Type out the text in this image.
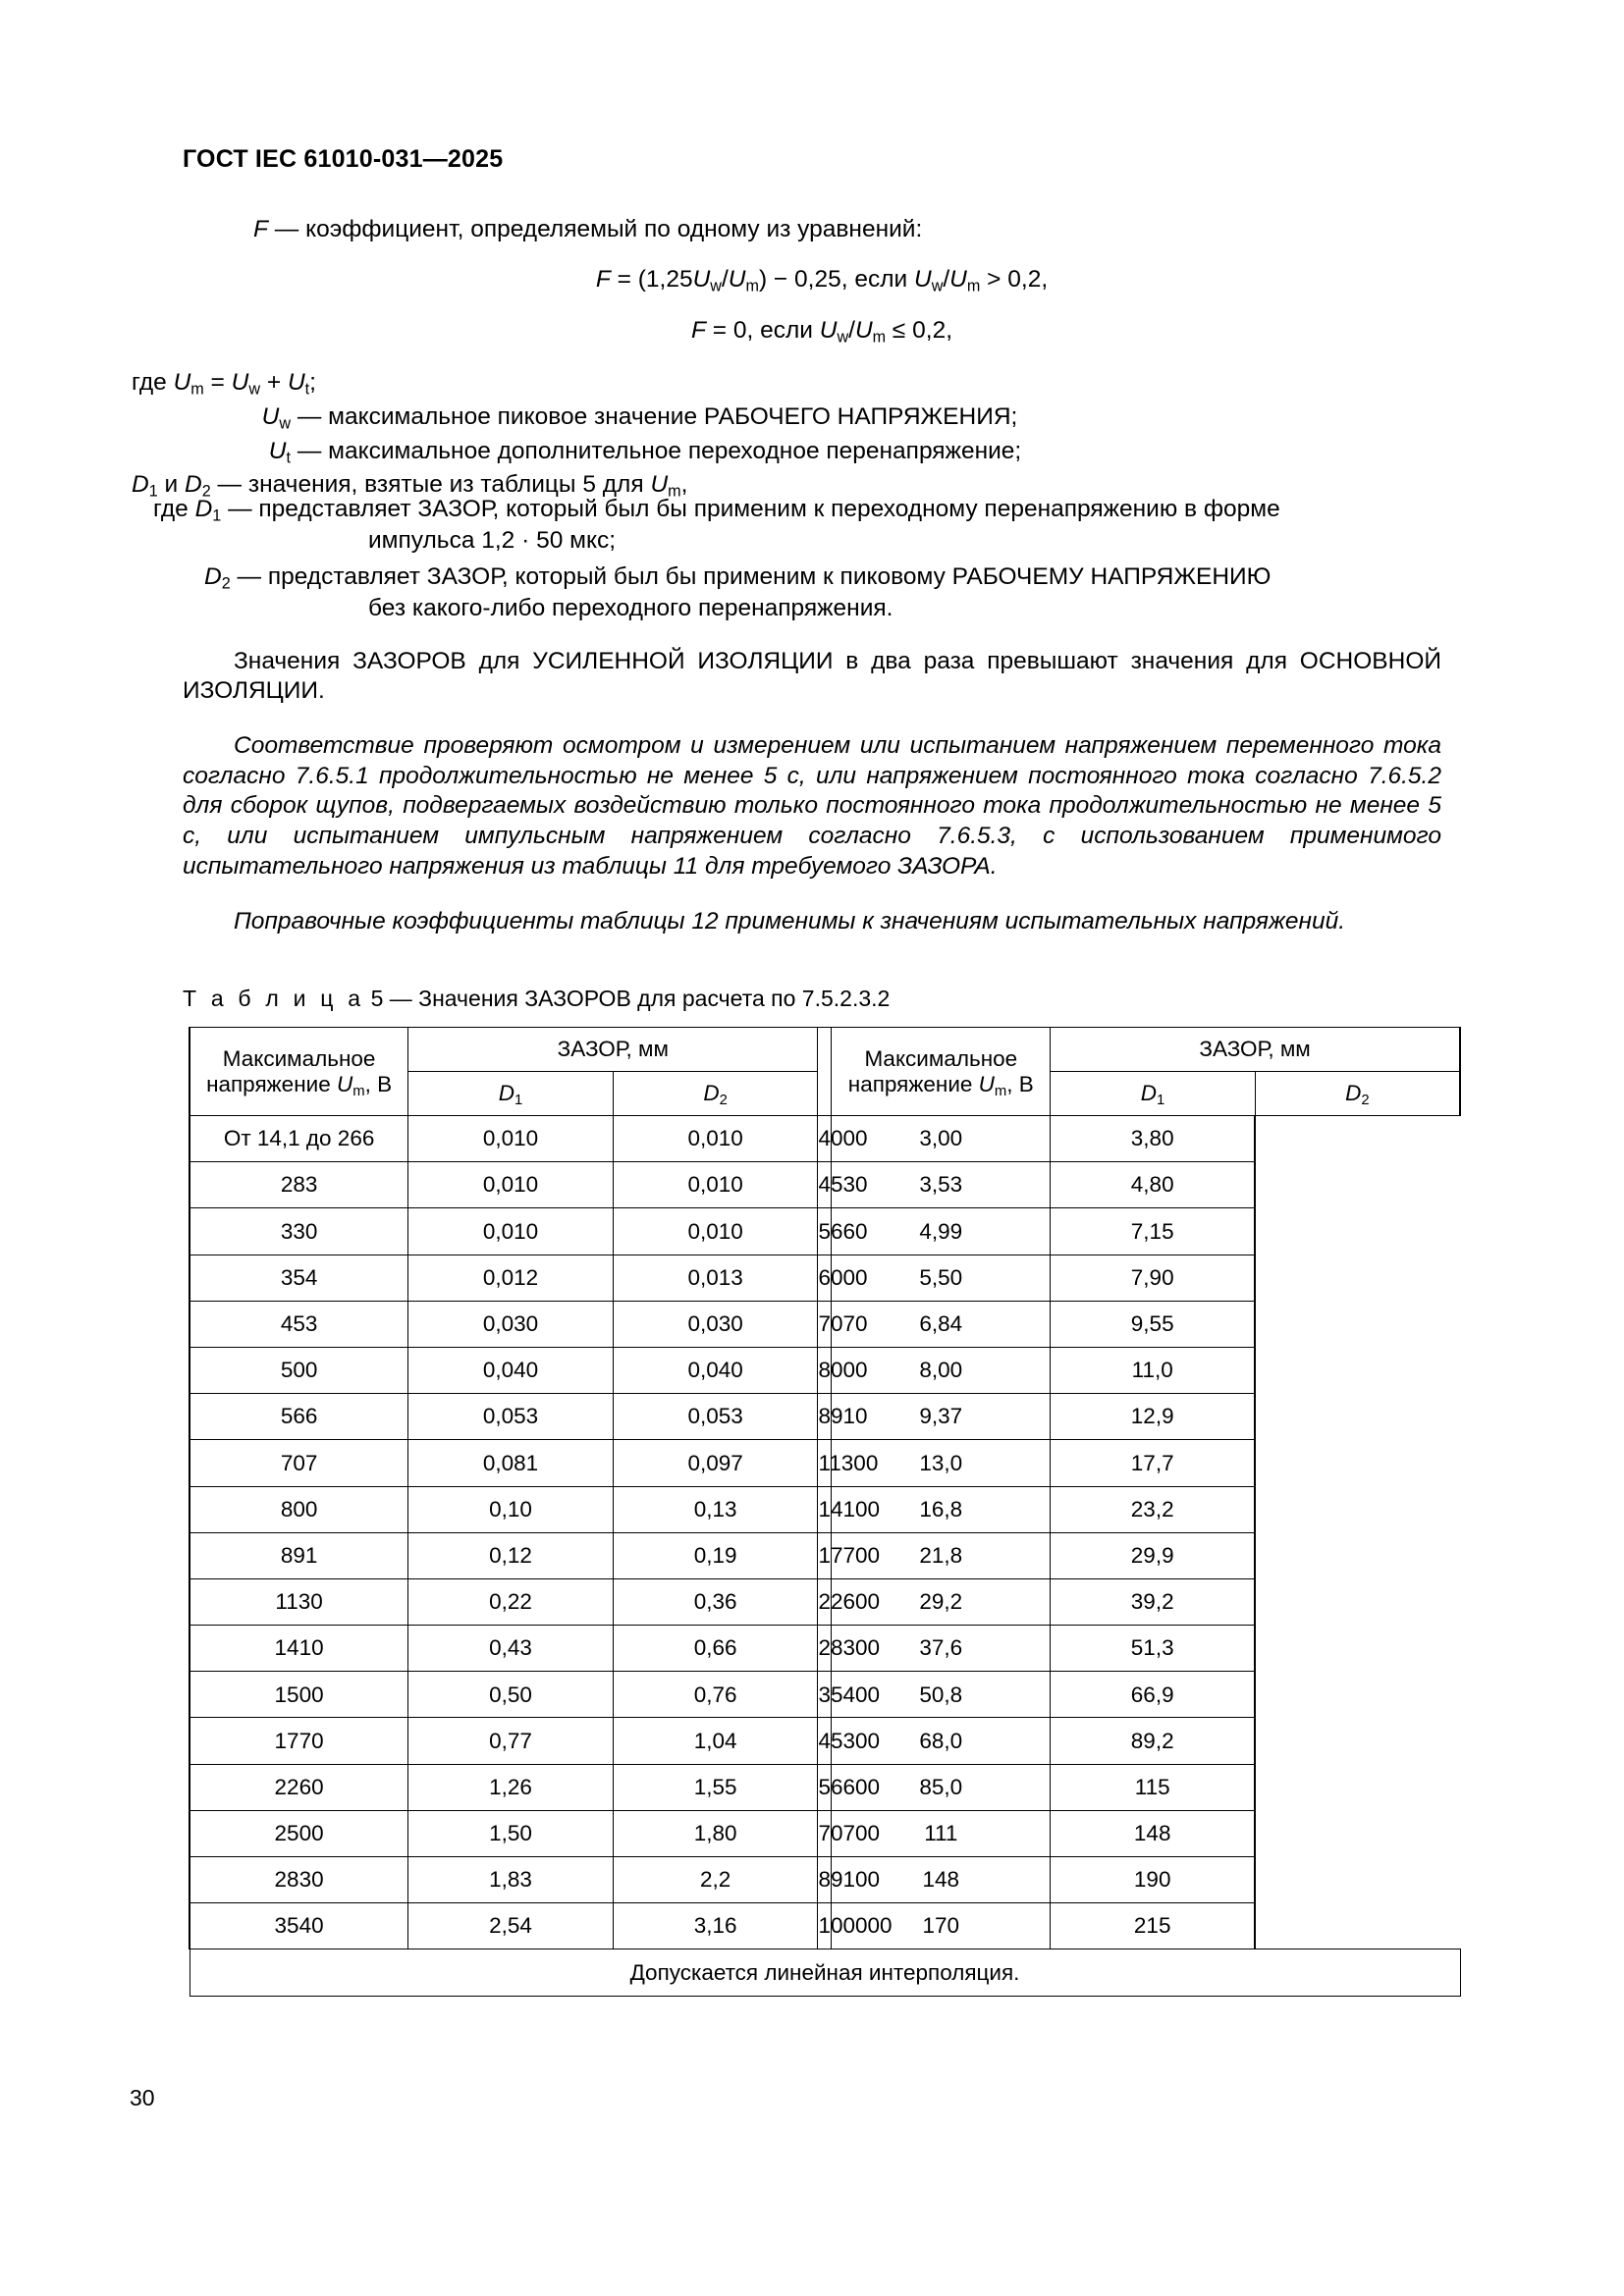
ГОСТ IEC 61010-031—2025
F — коэффициент, определяемый по одному из уравнений:
$F = (1,25U_w/U_m) - 0,25$, если $U_w/U_m > 0,2$,
F = 0, если $U_w/U_m \le 0,2$,
где $U_m = U_w + U_t$;
$U_w$ — максимальное пиковое значение РАБОЧЕГО НАПРЯЖЕНИЯ;
$U_t$ — максимальное дополнительное переходное перенапряжение;
$D_1$ и $D_2$ — значения, взятые из таблицы 5 для $U_m$,
где $D_1$ — представляет ЗАЗОР, который был бы применим к переходному перенапряжению в форме
импульса 1,2 · 50 мкс;
$D_2$ — представляет ЗАЗОР, который был бы применим к пиковому РАБОЧЕМУ НАПРЯЖЕНИЮ
без какого-либо переходного перенапряжения.

Значения ЗАЗОРОВ для УСИЛЕННОЙ ИЗОЛЯЦИИ в два раза превышают значения для ОСНОВНОЙ ИЗОЛЯЦИИ.

Соответствие проверяют осмотром и измерением или испытанием напряжением переменного тока согласно 7.6.5.1 продолжительностью не менее 5 с, или напряжением постоянного тока согласно 7.6.5.2 для сборок щупов, подвергаемых воздействию только постоянного тока продолжительностью не менее 5 с, или испытанием импульсным напряжением согласно 7.6.5.3, с использованием применимого испытательного напряжения из таблицы 11 для требуемого ЗАЗОРА.

Поправочные коэффициенты таблицы 12 применимы к значениям испытательных напряжений.

Т а б л и ц а 5 — Значения ЗАЗОРОВ для расчета по 7.5.2.3.2
Максимальное
напряжение $U_m$, В	ЗАЗОР, мм			Максимальное
напряжение $U_m$, В	ЗАЗОР, мм	
	$D_1$	$D_2$			$D_1$	$D_2$
От 14,1 до 266	0,010	0,010	4000	3,00	3,80	
283	0,010	0,010	4530	3,53	4,80	
330	0,010	0,010	5660	4,99	7,15	
354	0,012	0,013	6000	5,50	7,90	
453	0,030	0,030	7070	6,84	9,55	
500	0,040	0,040	8000	8,00	11,0	
566	0,053	0,053	8910	9,37	12,9	
707	0,081	0,097	11300	13,0	17,7	
800	0,10	0,13	14100	16,8	23,2	
891	0,12	0,19	17700	21,8	29,9	
1130	0,22	0,36	22600	29,2	39,2	
1410	0,43	0,66	28300	37,6	51,3	
1500	0,50	0,76	35400	50,8	66,9	
1770	0,77	1,04	45300	68,0	89,2	
2260	1,26	1,55	56600	85,0	115	
2500	1,50	1,80	70700	111	148	
2830	1,83	2,2	89100	148	190	
3540	2,54	3,16	100000	170	215	
Допускается линейная интерполяция.						
30
